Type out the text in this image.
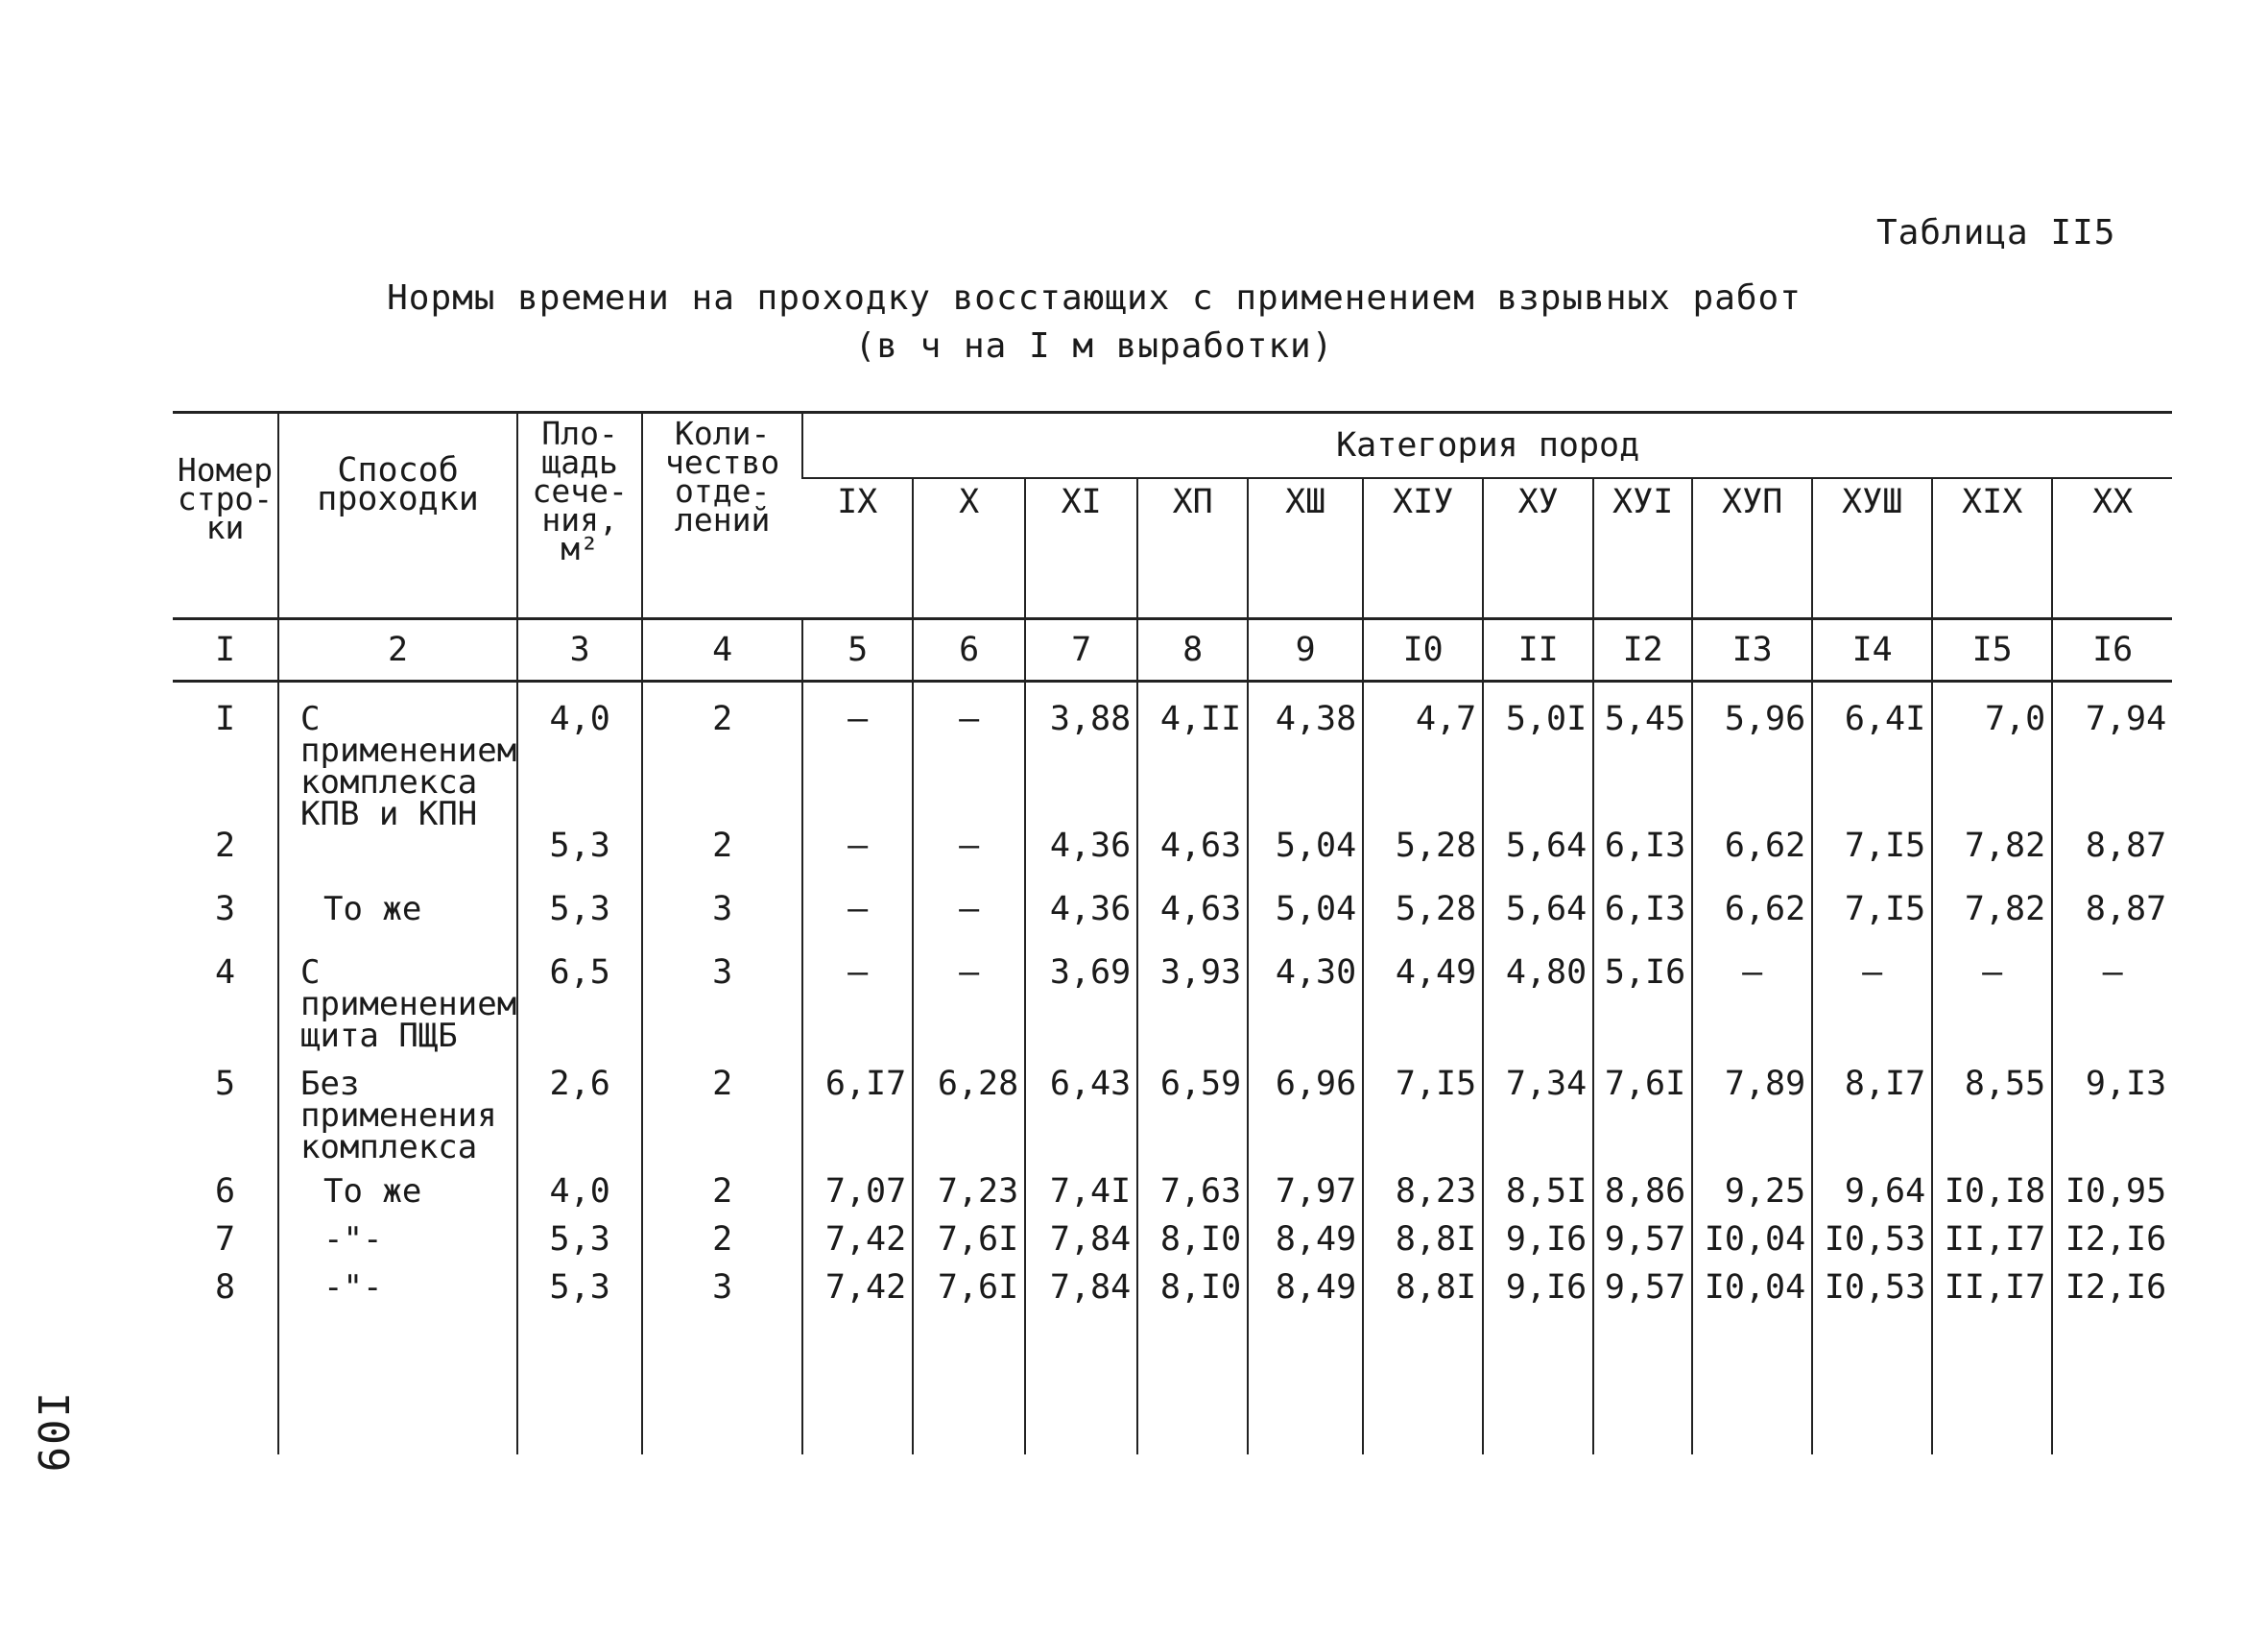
Таблица II5
Нормы времени на проходку восстающих с применением взрывных работ
(в ч на I м выработки)
Номер стро-ки	Способ проходки	Пло-щадь сече-ния, м²	Коли-чество отде-лений	Категория пород											
				IX	X	XI	XП	XШ	XIУ	XУ	XУI	XУП	XУШ	XIX	XX
I	2	3	4	5	6	7	8	9	I0	II	I2	I3	I4	I5	I6
I	С применением комплекса КПВ и КПН	4,0	2	–	–	3,88	4,II	4,38	4,7	5,0I	5,45	5,96	6,4I	7,0	7,94
2		5,3	2	–	–	4,36	4,63	5,04	5,28	5,64	6,I3	6,62	7,I5	7,82	8,87
3	То же	5,3	3	–	–	4,36	4,63	5,04	5,28	5,64	6,I3	6,62	7,I5	7,82	8,87
4	С применением щита ПЩБ	6,5	3	–	–	3,69	3,93	4,30	4,49	4,80	5,I6	–	–	–	–
5	Без применения комплекса	2,6	2	6,I7	6,28	6,43	6,59	6,96	7,I5	7,34	7,6I	7,89	8,I7	8,55	9,I3
6	То же	4,0	2	7,07	7,23	7,4I	7,63	7,97	8,23	8,5I	8,86	9,25	9,64	I0,I8	I0,95
7	-"-	5,3	2	7,42	7,6I	7,84	8,I0	8,49	8,8I	9,I6	9,57	I0,04	I0,53	II,I7	I2,I6
8	-"-	5,3	3	7,42	7,6I	7,84	8,I0	8,49	8,8I	9,I6	9,57	I0,04	I0,53	II,I7	I2,I6

I09
